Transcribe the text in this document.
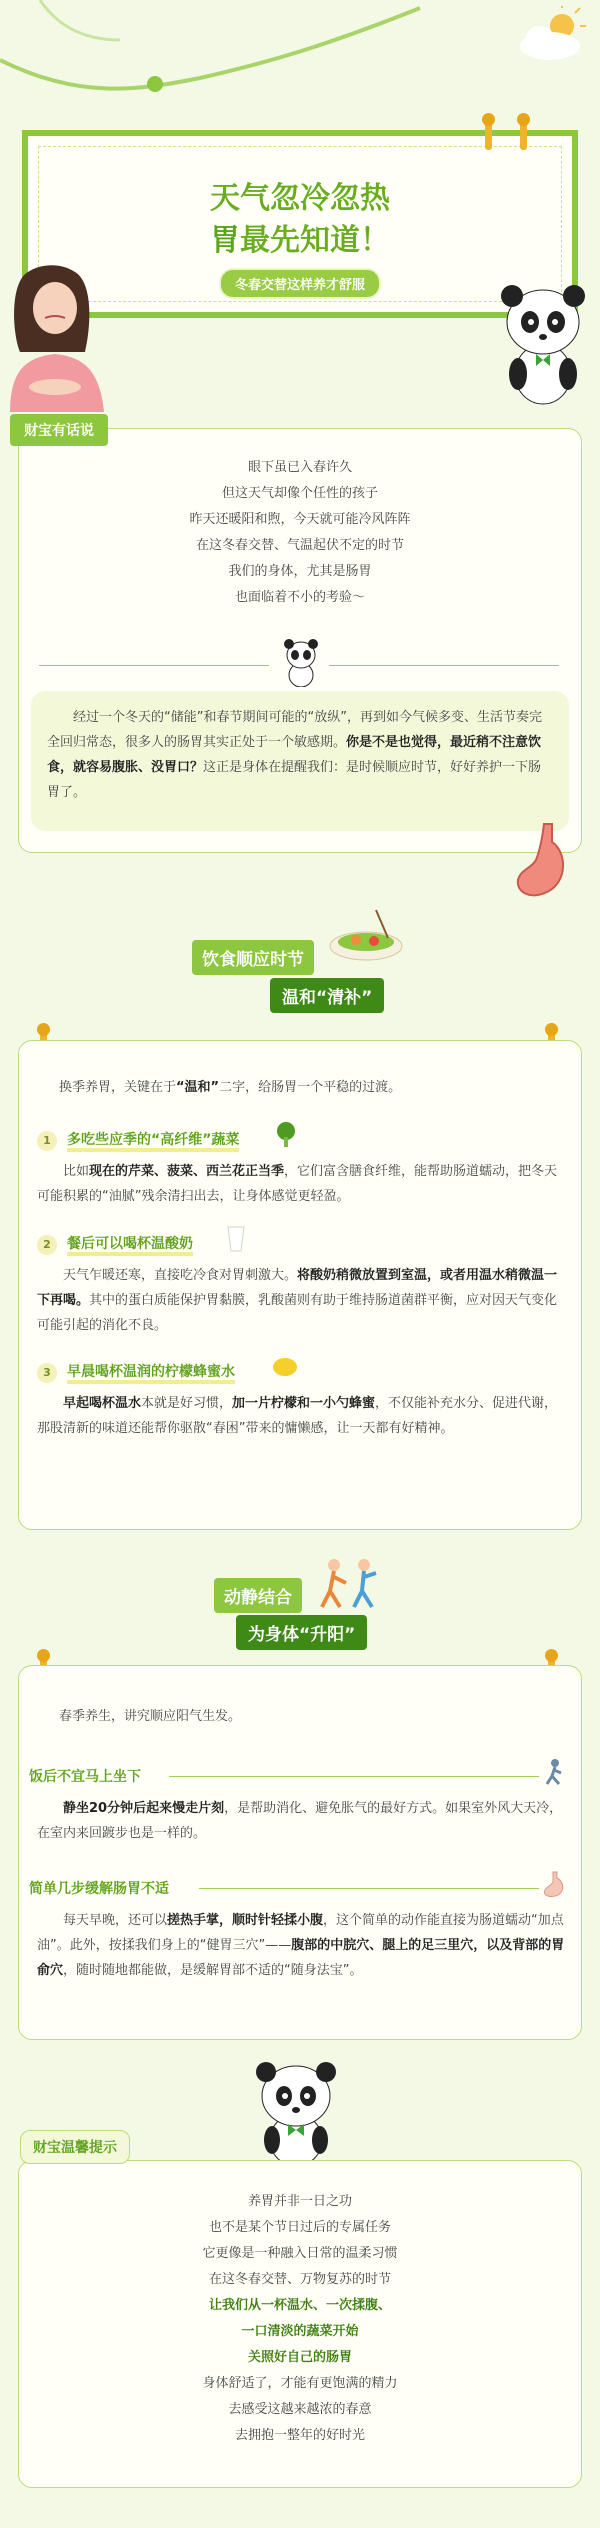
天气忽冷忽热
胃最先知道！
冬春交替这样养才舒服
眼下虽已入春许久
但这天气却像个任性的孩子
昨天还暖阳和煦，今天就可能冷风阵阵
在这冬春交替、气温起伏不定的时节
我们的身体，尤其是肠胃
也面临着不小的考验～
经过一个冬天的“储能”和春节期间可能的“放纵”，再到如今气候多变、生活节奏完全回归常态，很多人的肠胃其实正处于一个敏感期。你是不是也觉得，最近稍不注意饮食，就容易腹胀、没胃口？这正是身体在提醒我们：是时候顺应时节，好好养护一下肠胃了。
财宝有话说
饮食顺应时节
温和“清补”
换季养胃，关键在于“温和”二字，给肠胃一个平稳的过渡。
1 多吃些应季的“高纤维”蔬菜
比如现在的芹菜、菠菜、西兰花正当季，它们富含膳食纤维，能帮助肠道蠕动，把冬天可能积累的“油腻”残余清扫出去，让身体感觉更轻盈。
2 餐后可以喝杯温酸奶
天气乍暖还寒，直接吃冷食对胃刺激大。将酸奶稍微放置到室温，或者用温水稍微温一下再喝。其中的蛋白质能保护胃黏膜，乳酸菌则有助于维持肠道菌群平衡，应对因天气变化可能引起的消化不良。
3 早晨喝杯温润的柠檬蜂蜜水
早起喝杯温水本就是好习惯，加一片柠檬和一小勺蜂蜜，不仅能补充水分、促进代谢，那股清新的味道还能帮你驱散“春困”带来的慵懒感，让一天都有好精神。
动静结合
为身体“升阳”
春季养生，讲究顺应阳气生发。
饭后不宜马上坐下
静坐20分钟后起来慢走片刻，是帮助消化、避免胀气的最好方式。如果室外风大天冷，在室内来回踱步也是一样的。
简单几步缓解肠胃不适
每天早晚，还可以搓热手掌，顺时针轻揉小腹，这个简单的动作能直接为肠道蠕动“加点油”。此外，按揉我们身上的“健胃三穴”——腹部的中脘穴、腿上的足三里穴，以及背部的胃俞穴，随时随地都能做，是缓解胃部不适的“随身法宝”。
养胃并非一日之功
也不是某个节日过后的专属任务
它更像是一种融入日常的温柔习惯
在这冬春交替、万物复苏的时节
让我们从一杯温水、一次揉腹、
一口清淡的蔬菜开始
关照好自己的肠胃
身体舒适了，才能有更饱满的精力
去感受这越来越浓的春意
去拥抱一整年的好时光
财宝温馨提示
